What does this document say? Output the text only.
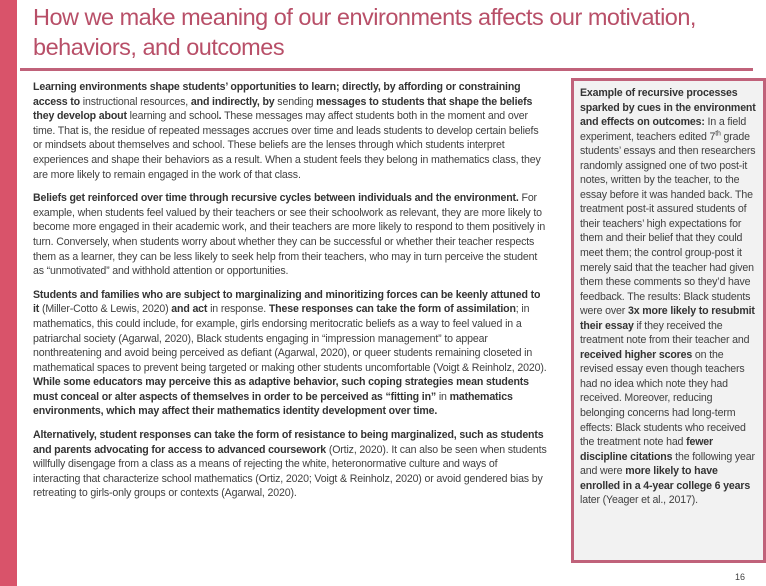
How we make meaning of our environments affects our motivation, behaviors, and outcomes

Learning environments shape students’ opportunities to learn; directly, by affording or constraining access to instructional resources, and indirectly, by sending messages to students that shape the beliefs they develop about learning and school. These messages may affect students both in the moment and over time. That is, the residue of repeated messages accrues over time and leads students to develop certain beliefs or mindsets about themselves and school. These beliefs are the lenses through which students interpret experiences and shape their behaviors as a result. When a student feels they belong in mathematics class, they are more likely to remain engaged in the work of that class.

Beliefs get reinforced over time through recursive cycles between individuals and the environment. For example, when students feel valued by their teachers or see their schoolwork as relevant, they are more likely to become more engaged in their academic work, and their teachers are more likely to respond to them positively in turn. Conversely, when students worry about whether they can be successful or whether their teacher respects them as a learner, they can be less likely to seek help from their teachers, who may in turn perceive the student as “unmotivated” and withhold attention or opportunities.

Students and families who are subject to marginalizing and minoritizing forces can be keenly attuned to it (Miller-Cotto & Lewis, 2020) and act in response. These responses can take the form of assimilation; in mathematics, this could include, for example, girls endorsing meritocratic beliefs as a way to feel valued in a patriarchal society (Agarwal, 2020), Black students engaging in “impression management” to appear nonthreatening and avoid being perceived as defiant (Agarwal, 2020), or queer students remaining closeted in mathematical spaces to prevent being targeted or making other students uncomfortable (Voigt & Reinholz, 2020). While some educators may perceive this as adaptive behavior, such coping strategies mean students must conceal or alter aspects of themselves in order to be perceived as “fitting in” in mathematics environments, which may affect their mathematics identity development over time.

Alternatively, student responses can take the form of resistance to being marginalized, such as students and parents advocating for access to advanced coursework (Ortiz, 2020). It can also be seen when students willfully disengage from a class as a means of rejecting the white, heteronormative culture and ways of interacting that characterize school mathematics (Ortiz, 2020; Voigt & Reinholz, 2020) or avoid gendered bias by retreating to girls-only groups or contexts (Agarwal, 2020).

Example of recursive processes sparked by cues in the environment and effects on outcomes: In a field experiment, teachers edited 7th grade students’ essays and then researchers randomly assigned one of two post-it notes, written by the teacher, to the essay before it was handed back. The treatment post-it assured students of their teachers’ high expectations for them and their belief that they could meet them; the control group-post it merely said that the teacher had given them these comments so they’d have feedback. The results: Black students were over 3x more likely to resubmit their essay if they received the treatment note from their teacher and received higher scores on the revised essay even though teachers had no idea which note they had received. Moreover, reducing belonging concerns had long-term effects: Black students who received the treatment note had fewer discipline citations the following year and were more likely to have enrolled in a 4-year college 6 years later (Yeager et al., 2017).
16
